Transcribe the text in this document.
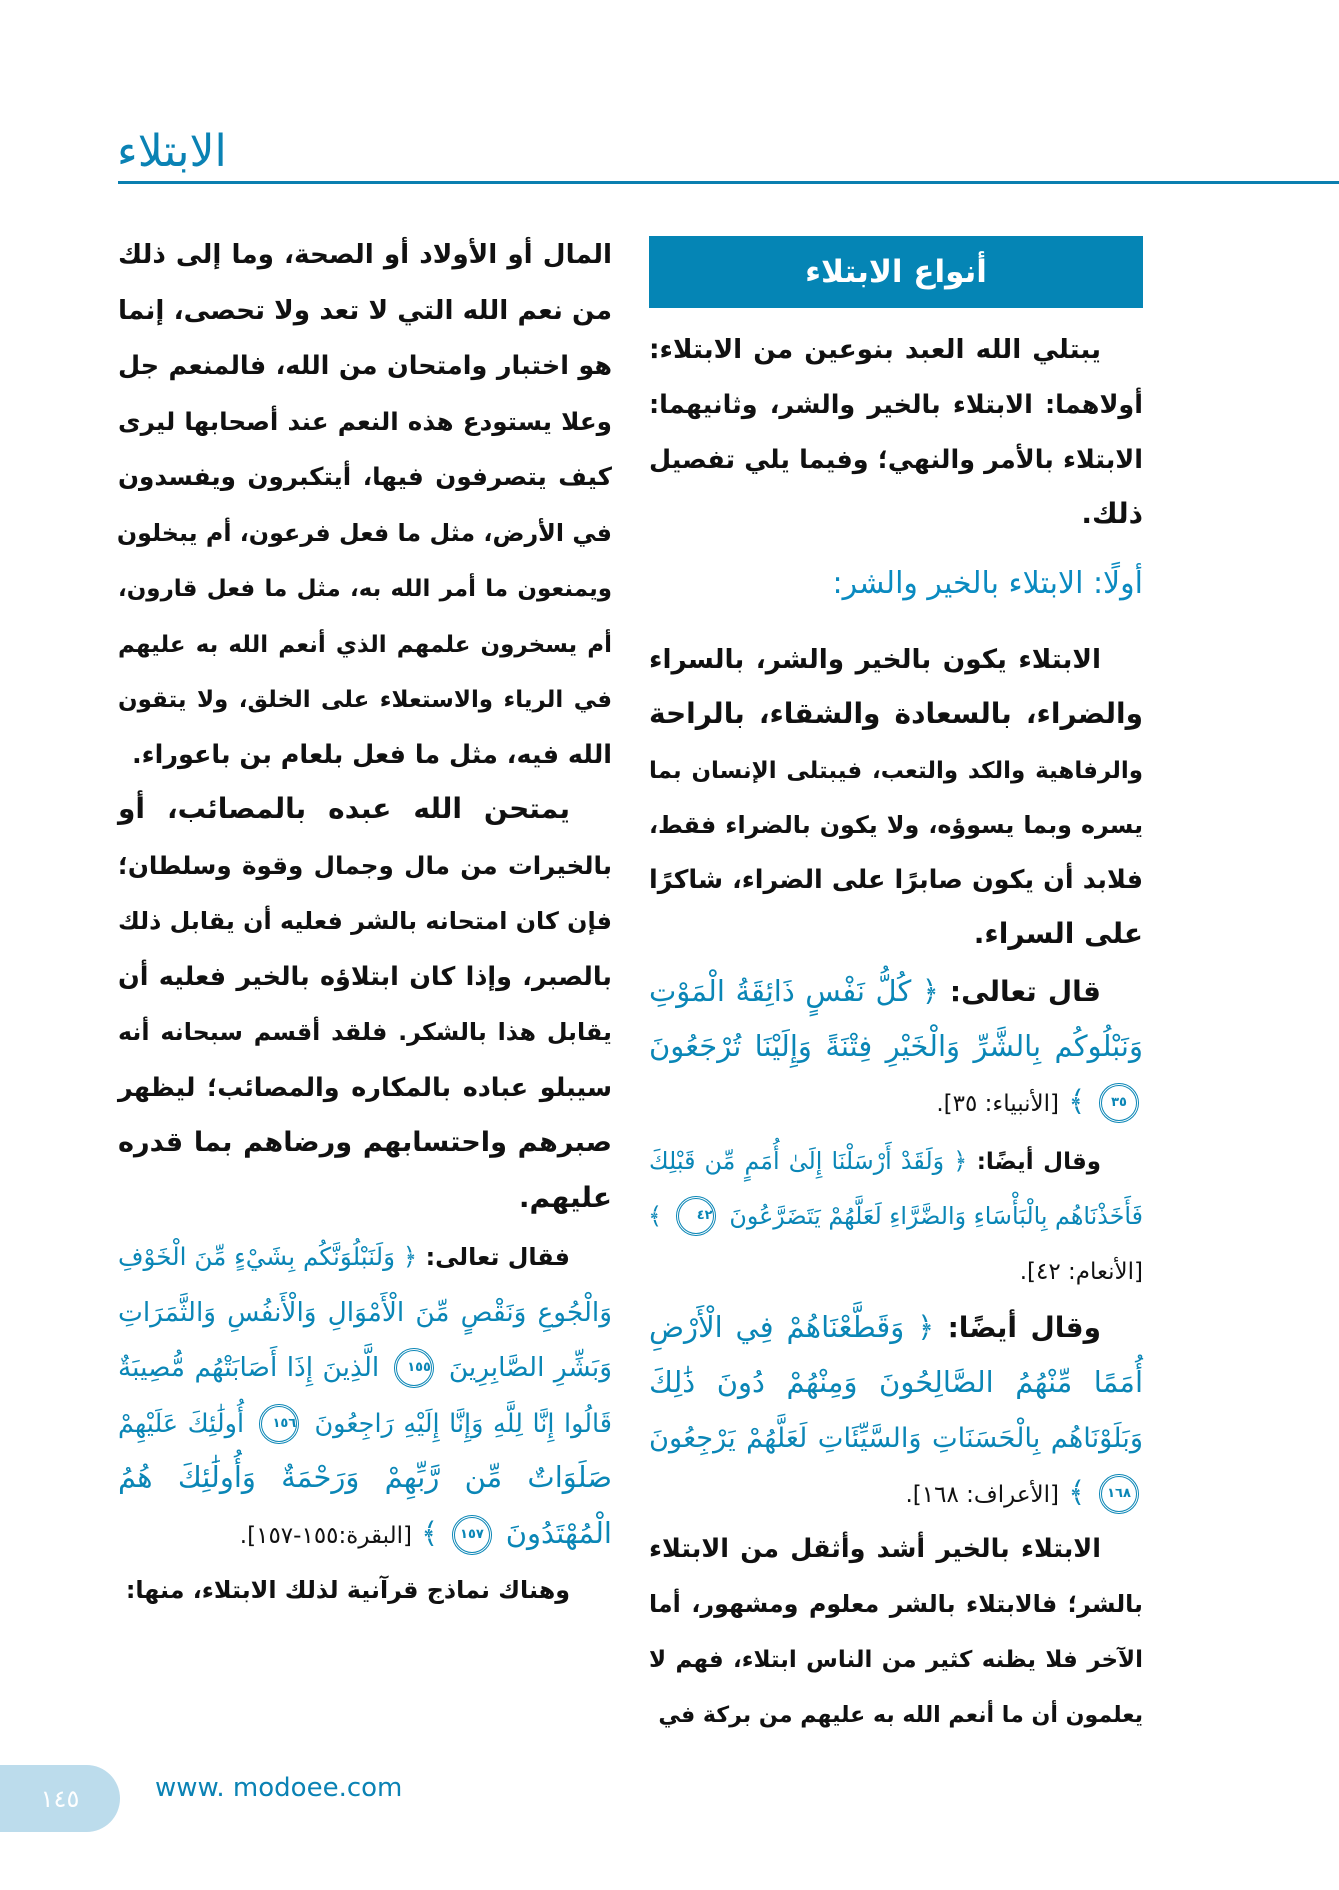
الابتلاء
أنواع الابتلاء
يبتلي الله العبد بنوعين من الابتلاء:
أولاهما: الابتلاء بالخير والشر، وثانيهما:
الابتلاء بالأمر والنهي؛ وفيما يلي تفصيل
ذلك.
أولًا: الابتلاء بالخير والشر:
الابتلاء يكون بالخير والشر، بالسراء
والضراء، بالسعادة والشقاء، بالراحة
والرفاهية والكد والتعب، فيبتلى الإنسان بما
يسره وبما يسوؤه، ولا يكون بالضراء فقط،
فلابد أن يكون صابرًا على الضراء، شاكرًا
على السراء.
قال تعالى: ﴿ كُلُّ نَفْسٍ ذَائِقَةُ الْمَوْتِ
وَنَبْلُوكُم بِالشَّرِّ وَالْخَيْرِ فِتْنَةً وَإِلَيْنَا تُرْجَعُونَ
٣٥ ﴾ [الأنبياء: ٣٥].
وقال أيضًا: ﴿ وَلَقَدْ أَرْسَلْنَا إِلَىٰ أُمَمٍ مِّن قَبْلِكَ
فَأَخَذْنَاهُم بِالْبَأْسَاءِ وَالضَّرَّاءِ لَعَلَّهُمْ يَتَضَرَّعُونَ ٤٢ ﴾
[الأنعام: ٤٢].
وقال أيضًا: ﴿ وَقَطَّعْنَاهُمْ فِي الْأَرْضِ
أُمَمًا مِّنْهُمُ الصَّالِحُونَ وَمِنْهُمْ دُونَ ذَٰلِكَ
وَبَلَوْنَاهُم بِالْحَسَنَاتِ وَالسَّيِّئَاتِ لَعَلَّهُمْ يَرْجِعُونَ
١٦٨ ﴾ [الأعراف: ١٦٨].
الابتلاء بالخير أشد وأثقل من الابتلاء
بالشر؛ فالابتلاء بالشر معلوم ومشهور، أما
الآخر فلا يظنه كثير من الناس ابتلاء، فهم لا
يعلمون أن ما أنعم الله به عليهم من بركة في
المال أو الأولاد أو الصحة، وما إلى ذلك
من نعم الله التي لا تعد ولا تحصى، إنما
هو اختبار وامتحان من الله، فالمنعم جل
وعلا يستودع هذه النعم عند أصحابها ليرى
كيف يتصرفون فيها، أيتكبرون ويفسدون
في الأرض، مثل ما فعل فرعون، أم يبخلون
ويمنعون ما أمر الله به، مثل ما فعل قارون،
أم يسخرون علمهم الذي أنعم الله به عليهم
في الرياء والاستعلاء على الخلق، ولا يتقون
الله فيه، مثل ما فعل بلعام بن باعوراء.
يمتحن الله عبده بالمصائب، أو
بالخيرات من مال وجمال وقوة وسلطان؛
فإن كان امتحانه بالشر فعليه أن يقابل ذلك
بالصبر، وإذا كان ابتلاؤه بالخير فعليه أن
يقابل هذا بالشكر. فلقد أقسم سبحانه أنه
سيبلو عباده بالمكاره والمصائب؛ ليظهر
صبرهم واحتسابهم ورضاهم بما قدره
عليهم.
فقال تعالى: ﴿ وَلَنَبْلُوَنَّكُم بِشَيْءٍ مِّنَ الْخَوْفِ
وَالْجُوعِ وَنَقْصٍ مِّنَ الْأَمْوَالِ وَالْأَنفُسِ وَالثَّمَرَاتِ
وَبَشِّرِ الصَّابِرِينَ ١٥٥ الَّذِينَ إِذَا أَصَابَتْهُم مُّصِيبَةٌ
قَالُوا إِنَّا لِلَّهِ وَإِنَّا إِلَيْهِ رَاجِعُونَ ١٥٦ أُولَٰئِكَ عَلَيْهِمْ
صَلَوَاتٌ مِّن رَّبِّهِمْ وَرَحْمَةٌ وَأُولَٰئِكَ هُمُ
الْمُهْتَدُونَ ١٥٧ ﴾ [البقرة:١٥٥-١٥٧].
وهناك نماذج قرآنية لذلك الابتلاء، منها:
١٤٥	www. modoee.com
